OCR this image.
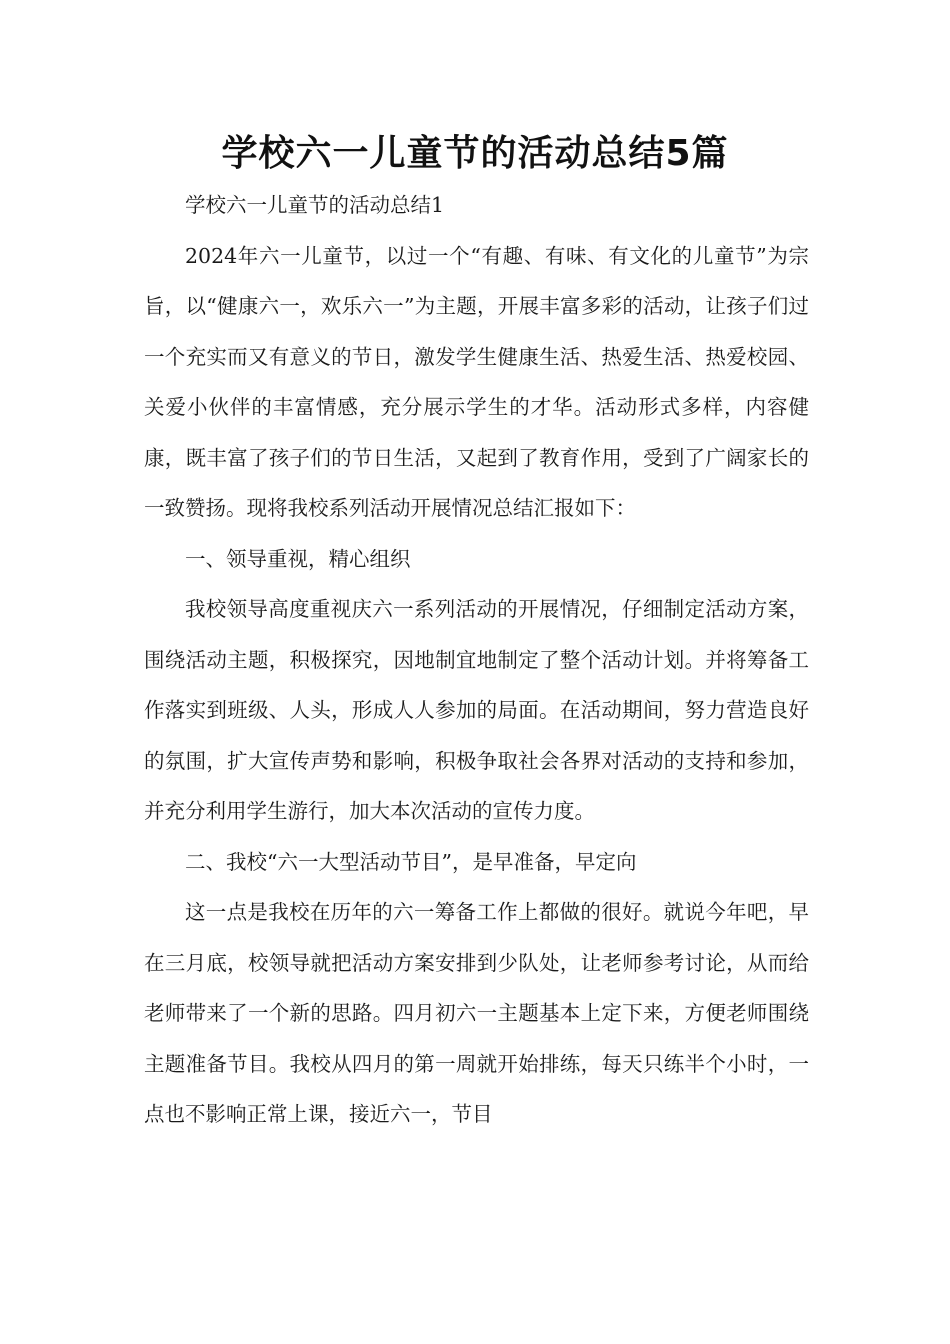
学校六一儿童节的活动总结5篇

学校六一儿童节的活动总结1

2024年六一儿童节，以过一个“有趣、有味、有文化的儿童节”为宗旨，以“健康六一，欢乐六一”为主题，开展丰富多彩的活动，让孩子们过一个充实而又有意义的节日，激发学生健康生活、热爱生活、热爱校园、关爱小伙伴的丰富情感，充分展示学生的才华。活动形式多样，内容健康，既丰富了孩子们的节日生活，又起到了教育作用，受到了广阔家长的一致赞扬。现将我校系列活动开展情况总结汇报如下：

一、领导重视，精心组织

我校领导高度重视庆六一系列活动的开展情况，仔细制定活动方案，围绕活动主题，积极探究，因地制宜地制定了整个活动计划。并将筹备工作落实到班级、人头，形成人人参加的局面。在活动期间，努力营造良好的氛围，扩大宣传声势和影响，积极争取社会各界对活动的支持和参加，并充分利用学生游行，加大本次活动的宣传力度。

二、我校“六一大型活动节目”，是早准备，早定向

这一点是我校在历年的六一筹备工作上都做的很好。就说今年吧，早在三月底，校领导就把活动方案安排到少队处，让老师参考讨论，从而给老师带来了一个新的思路。四月初六一主题基本上定下来，方便老师围绕主题准备节目。我校从四月的第一周就开始排练，每天只练半个小时，一点也不影响正常上课，接近六一，节目
